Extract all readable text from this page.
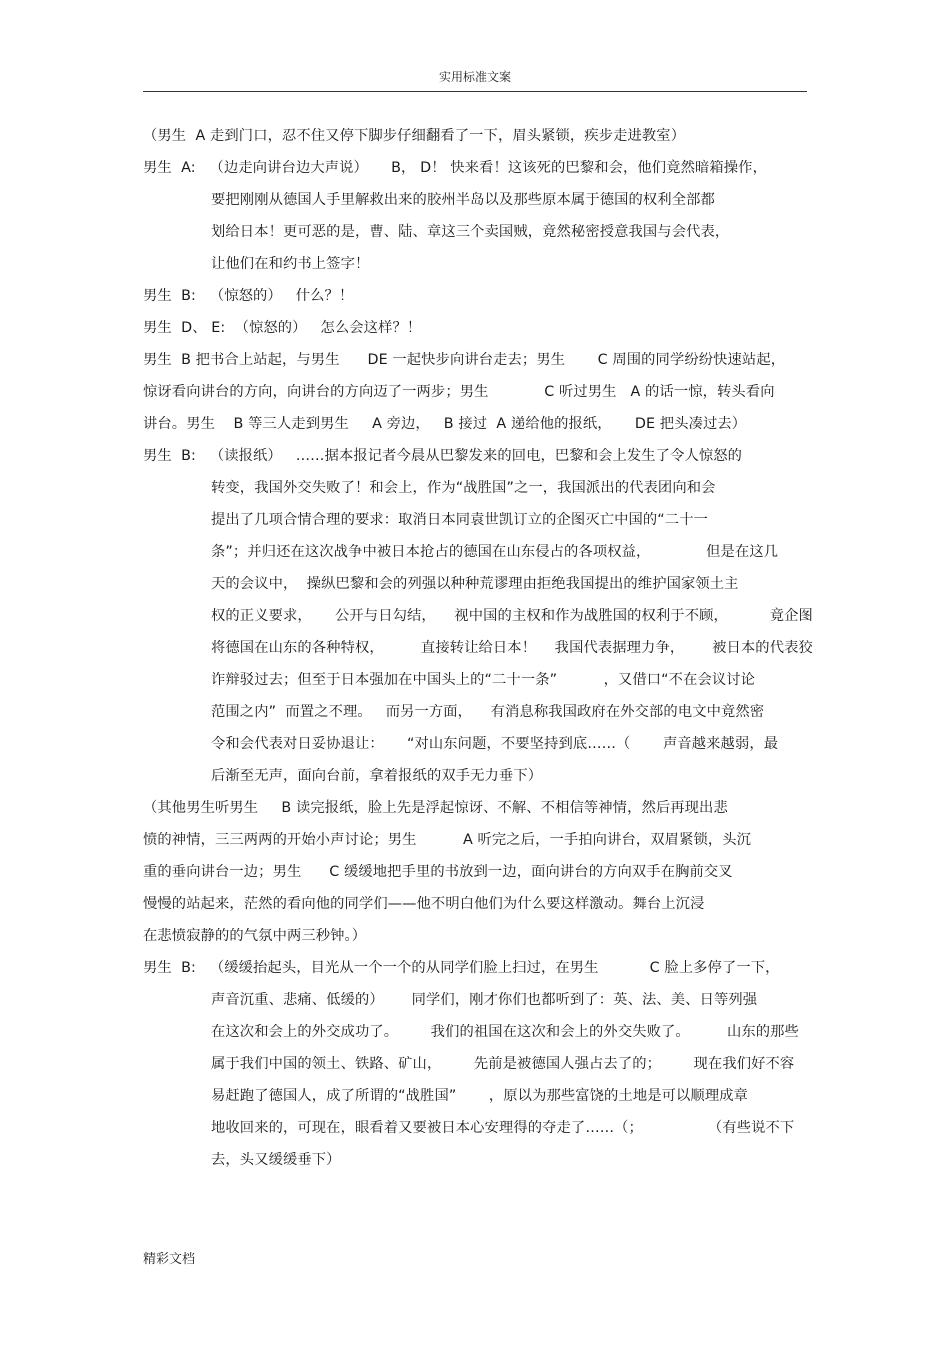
实用标准文案
（男生  A 走到门口，忍不住又停下脚步仔细翻看了一下，眉头紧锁，疾步走进教室）
男生  A:   （边走向讲台边大声说）     B， D！ 快来看！这该死的巴黎和会，他们竟然暗箱操作，
要把刚刚从德国人手里解救出来的胶州半岛以及那些原本属于德国的权利全部都
划给日本！更可恶的是，曹、陆、章这三个卖国贼，竟然秘密授意我国与会代表，
让他们在和约书上签字！
男生  B:   （惊怒的）   什么？！
男生  D、 E:  （惊怒的）   怎么会这样？！
男生  B 把书合上站起，与男生      DE 一起快步向讲台走去；男生       C 周围的同学纷纷快速站起，
惊讶看向讲台的方向，向讲台的方向迈了一两步；男生            C 听过男生   A 的话一惊，转头看向
讲台。男生    B 等三人走到男生     A 旁边，   B 接过  A 递给他的报纸，     DE 把头凑过去）
男生  B:   （读报纸）   ……据本报记者今晨从巴黎发来的回电，巴黎和会上发生了令人惊怒的
转变，我国外交失败了！和会上，作为“战胜国”之一，我国派出的代表团向和会
提出了几项合情合理的要求：取消日本同袁世凯订立的企图灭亡中国的“二十一
条”；并归还在这次战争中被日本抢占的德国在山东侵占的各项权益，            但是在这几
天的会议中，  操纵巴黎和会的列强以种种荒谬理由拒绝我国提出的维护国家领土主
权的正义要求，     公开与日勾结，    视中国的主权和作为战胜国的权利于不顾，         竟企图
将德国在山东的各种特权，        直接转让给日本！    我国代表据理力争，      被日本的代表狡
诈辩驳过去；但至于日本强加在中国头上的“二十一条”          ，又借口“不在会议讨论
范围之内”  而置之不理。   而另一方面，    有消息称我国政府在外交部的电文中竟然密
令和会代表对日妥协退让：     “对山东问题，不要坚持到底……（       声音越来越弱，最
后渐至无声，面向台前，拿着报纸的双手无力垂下）
（其他男生听男生     B 读完报纸，脸上先是浮起惊讶、不解、不相信等神情，然后再现出悲
愤的神情，三三两两的开始小声讨论；男生          A 听完之后，一手拍向讲台，双眉紧锁，头沉
重的垂向讲台一边；男生      C 缓缓地把手里的书放到一边，面向讲台的方向双手在胸前交叉
慢慢的站起来，茫然的看向他的同学们——他不明白他们为什么要这样激动。舞台上沉浸
在悲愤寂静的的气氛中两三秒钟。）
男生  B:   （缓缓抬起头，目光从一个一个的从同学们脸上扫过，在男生           C 脸上多停了一下，
声音沉重、悲痛、低缓的）      同学们，刚才你们也都听到了：英、法、美、日等列强
在这次和会上的外交成功了。       我们的祖国在这次和会上的外交失败了。        山东的那些
属于我们中国的领土、铁路、矿山，       先前是被德国人强占去了的；       现在我们好不容
易赶跑了德国人，成了所谓的“战胜国”       ，原以为那些富饶的土地是可以顺理成章
地收回来的，可现在，眼看着又要被日本心安理得的夺走了……（；              （有些说不下
去，头又缓缓垂下）
精彩文档
